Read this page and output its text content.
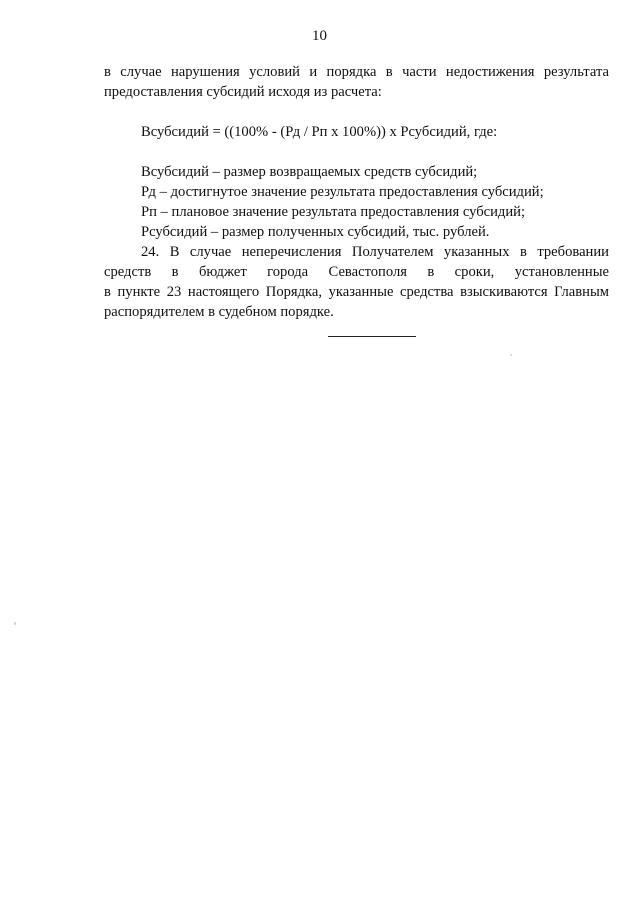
10
в случае нарушения условий и порядка в части недостижения результата
предоставления субсидий исходя из расчета:
Всубсидий = ((100% - (Рд / Рп х 100%)) х Рсубсидий, где:
Всубсидий – размер возвращаемых средств субсидий;
Рд – достигнутое значение результата предоставления субсидий;
Рп – плановое значение результата предоставления субсидий;
Рсубсидий – размер полученных субсидий, тыс. рублей.
24. В случае неперечисления Получателем указанных в требовании
средств в бюджет города Севастополя в сроки, установленные
в пункте 23 настоящего Порядка, указанные средства взыскиваются Главным
распорядителем в судебном порядке.
